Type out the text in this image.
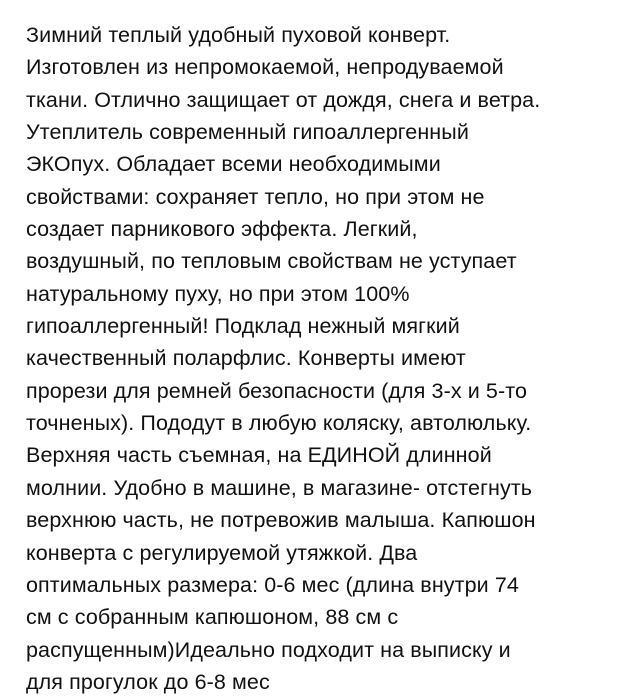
Зимний теплый удобный пуховой конверт.
Изготовлен из непромокаемой, непродуваемой
ткани. Отлично защищает от дождя, снега и ветра.
Утеплитель современный гипоаллергенный
ЭКОпух. Обладает всеми необходимыми
свойствами: сохраняет тепло, но при этом не
создает парникового эффекта. Легкий,
воздушный, по тепловым свойствам не уступает
натуральному пуху, но при этом 100%
гипоаллергенный! Подклад нежный мягкий
качественный поларфлис. Конверты имеют
прорези для ремней безопасности (для 3-х и 5-то
точненых). Пододут в любую коляску, автолюльку.
Верхняя часть съемная, на ЕДИНОЙ длинной
молнии. Удобно в машине, в магазине- отстегнуть
верхнюю часть, не потревожив малыша. Капюшон
конверта с регулируемой утяжкой. Два
оптимальных размера: 0-6 мес (длина внутри 74
см с собранным капюшоном, 88 см с
распущенным)Идеально подходит на выписку и
для прогулок до 6-8 мес
